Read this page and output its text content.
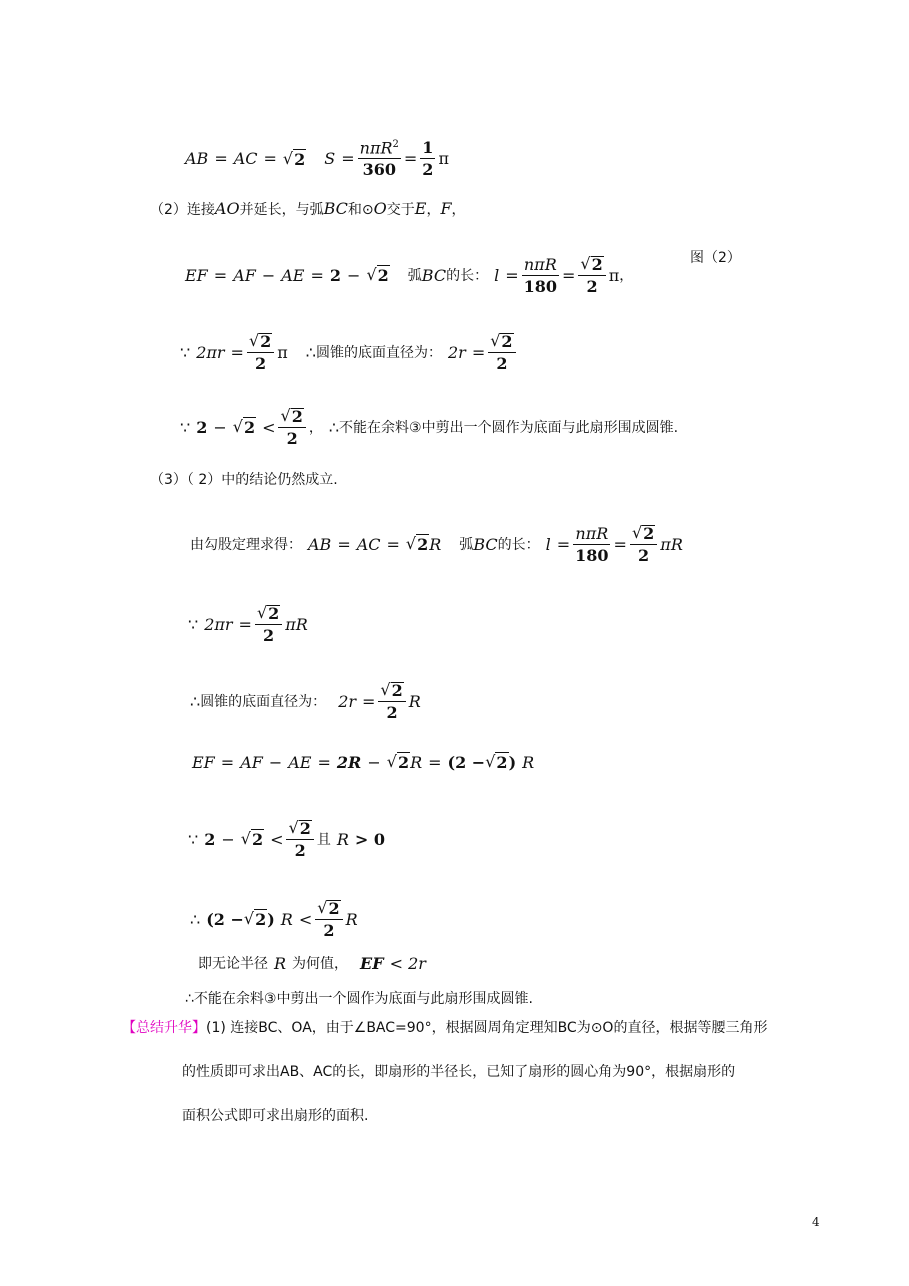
AB = AC = √ 2 $S = \frac{n\pi R^2}{360} = \frac{1}{2}$ π
（2）连接AO并延长，与弧BC和⊙O交于E，F，
EF = AF − AE = 2 − √ 2 弧 BC 的长： $l = \frac{\text{nπR}}{180} = \frac{√ 2}{2}$ π ，
图（2）
∵ $2\pi r = \frac{√ 2}{2}$ π ∴ 圆锥的底面直径为： $2r = \frac{√ 2}{2}$
∵ 2 − √ $2 < \frac{√ 2}{2}$ ， ∴ 不能在余料③中剪出一个圆作为底面与此扇形围成圆锥.
（3）（ 2）中的结论仍然成立.
由勾股定理求得： AB = AC = √ 2 R 弧 BC 的长： $l = \frac{\text{nπR}}{180} = \frac{√ 2}{2}$ πR
∵ $2\pi r = \frac{√ 2}{2}$ πR
∴ 圆锥的底面直径为： $2r = \frac{√ 2}{2}$ R
EF = AF − AE = 2R − √ 2 R = (2 − √ 2 ) R
∵ 2 − √ $2 < \frac{√ 2}{2}$ 且 R > 0
∴ (2 − √ 2 ) $R < \frac{√ 2}{2}$ R
即无论半径 R 为何值， EF < 2r
∴不能在余料③中剪出一个圆作为底面与此扇形围成圆锥.
【总结升华】(1) 连接BC、OA，由于∠BAC=90°，根据圆周角定理知BC为⊙O的直径，根据等腰三角形
的性质即可求出AB、AC的长，即扇形的半径长，已知了扇形的圆心角为90°，根据扇形的
面积公式即可求出扇形的面积.
4
